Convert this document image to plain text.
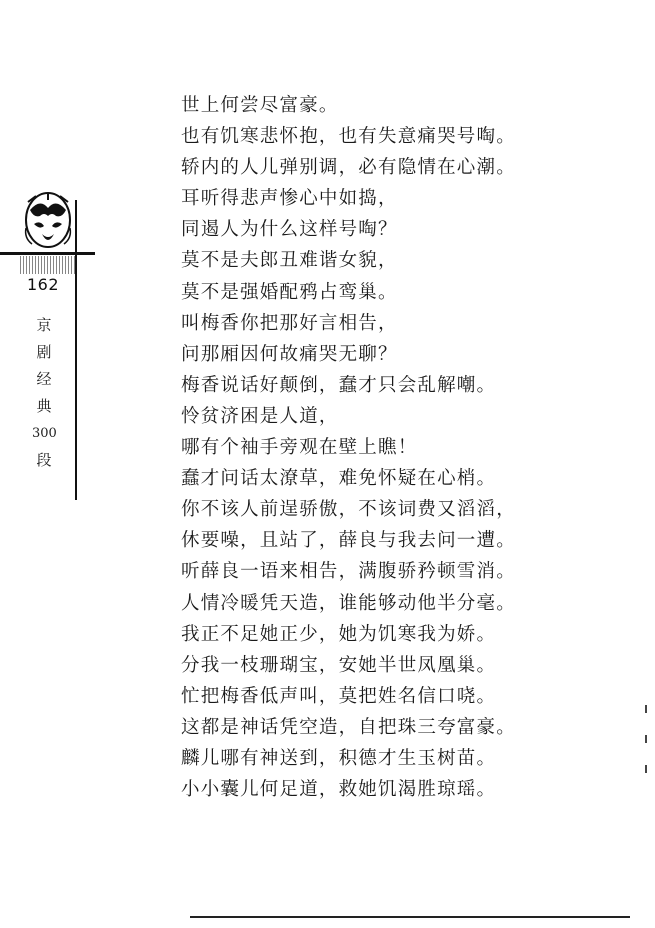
162
京
剧
经
典
300
段
世上何尝尽富豪。
也有饥寒悲怀抱，也有失意痛哭号啕。
轿内的人儿弹别调，必有隐情在心潮。
耳听得悲声惨心中如捣，
同遏人为什么这样号啕？
莫不是夫郎丑难谐女貌，
莫不是强婚配鸦占鸾巢。
叫梅香你把那好言相告，
问那厢因何故痛哭无聊？
梅香说话好颠倒，蠢才只会乱解嘲。
怜贫济困是人道，
哪有个袖手旁观在壁上瞧！
蠢才问话太潦草，难免怀疑在心梢。
你不该人前逞骄傲，不该词费又滔滔，
休要噪，且站了，薛良与我去问一遭。
听薛良一语来相告，满腹骄矜顿雪消。
人情冷暖凭天造，谁能够动他半分毫。
我正不足她正少，她为饥寒我为娇。
分我一枝珊瑚宝，安她半世凤凰巢。
忙把梅香低声叫，莫把姓名信口哓。
这都是神话凭空造，自把珠三夸富豪。
麟儿哪有神送到，积德才生玉树苗。
小小囊儿何足道，救她饥渴胜琼瑶。
